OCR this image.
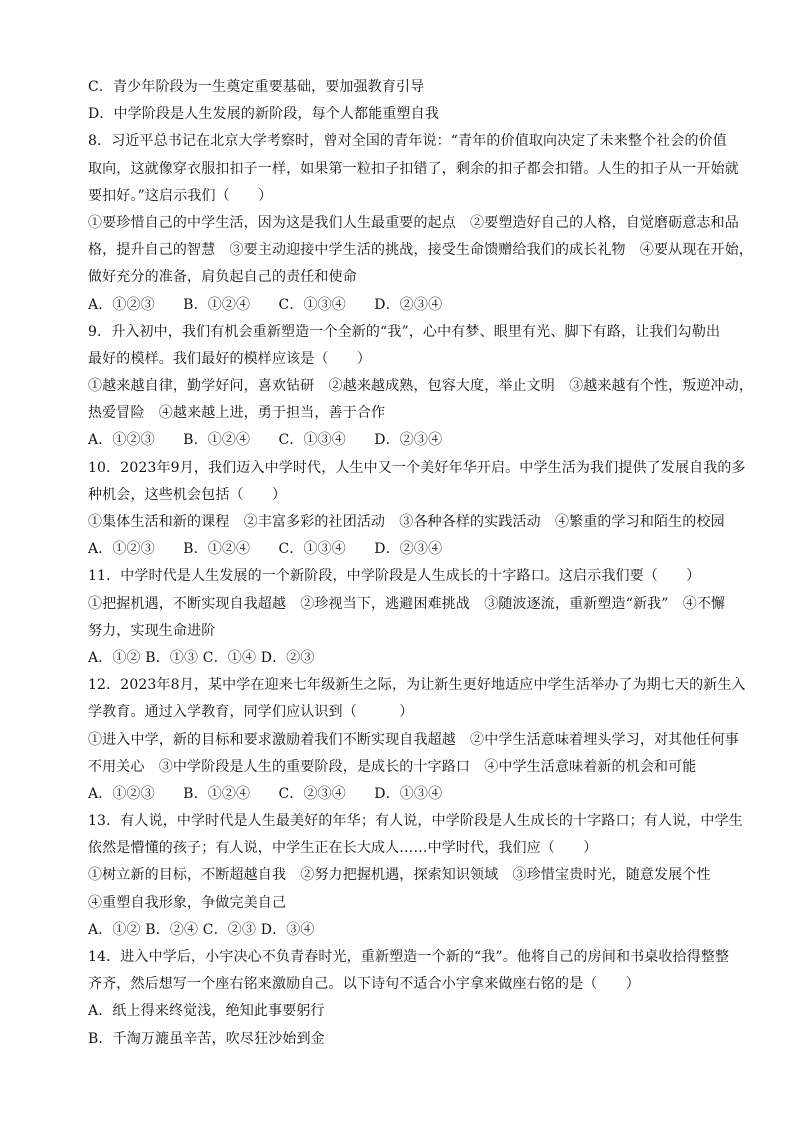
C．青少年阶段为一生奠定重要基础，要加强教育引导
D．中学阶段是人生发展的新阶段，每个人都能重塑自我
8．习近平总书记在北京大学考察时，曾对全国的青年说：“青年的价值取向决定了未来整个社会的价值
取向，这就像穿衣服扣扣子一样，如果第一粒扣子扣错了，剩余的扣子都会扣错。人生的扣子从一开始就
要扣好。”这启示我们（　　）
①要珍惜自己的中学生活，因为这是我们人生最重要的起点　②要塑造好自己的人格，自觉磨砺意志和品
格，提升自己的智慧　③要主动迎接中学生活的挑战，接受生命馈赠给我们的成长礼物　④要从现在开始，
做好充分的准备，肩负起自己的责任和使命
A．①②③　　B．①②④　　C．①③④　　D．②③④
9．升入初中，我们有机会重新塑造一个全新的“我”，心中有梦、眼里有光、脚下有路，让我们勾勒出
最好的模样。我们最好的模样应该是（　　）
①越来越自律，勤学好问，喜欢钻研　②越来越成熟，包容大度，举止文明　③越来越有个性，叛逆冲动，
热爱冒险　④越来越上进，勇于担当，善于合作
A．①②③　　B．①②④　　C．①③④　　D．②③④
10．2023年9月，我们迈入中学时代，人生中又一个美好年华开启。中学生活为我们提供了发展自我的多
种机会，这些机会包括（　　）
①集体生活和新的课程　②丰富多彩的社团活动　③各种各样的实践活动　④繁重的学习和陌生的校园
A．①②③　　B．①②④　　C．①③④　　D．②③④
11．中学时代是人生发展的一个新阶段，中学阶段是人生成长的十字路口。这启示我们要（　　）
①把握机遇，不断实现自我超越　②珍视当下，逃避困难挑战　③随波逐流，重新塑造“新我”　④不懈
努力，实现生命进阶
A．①② B．①③ C．①④ D．②③
12．2023年8月，某中学在迎来七年级新生之际，为让新生更好地适应中学生活举办了为期七天的新生入
学教育。通过入学教育，同学们应认识到（　　　）
①进入中学，新的目标和要求激励着我们不断实现自我超越　②中学生活意味着埋头学习，对其他任何事
不用关心　③中学阶段是人生的重要阶段，是成长的十字路口　④中学生活意味着新的机会和可能
A．①②③　　B．①②④　　C．②③④　　D．①③④
13．有人说，中学时代是人生最美好的年华；有人说，中学阶段是人生成长的十字路口；有人说，中学生
依然是懵懂的孩子；有人说，中学生正在长大成人……中学时代，我们应（　　）
①树立新的目标，不断超越自我　②努力把握机遇，探索知识领域　③珍惜宝贵时光，随意发展个性
④重塑自我形象，争做完美自己
A．①② B．②④ C．②③ D．③④
14．进入中学后，小宇决心不负青春时光，重新塑造一个新的“我”。他将自己的房间和书桌收拾得整整
齐齐，然后想写一个座右铭来激励自己。以下诗句不适合小宇拿来做座右铭的是（　　）
A．纸上得来终觉浅，绝知此事要躬行
B．千淘万漉虽辛苦，吹尽狂沙始到金
